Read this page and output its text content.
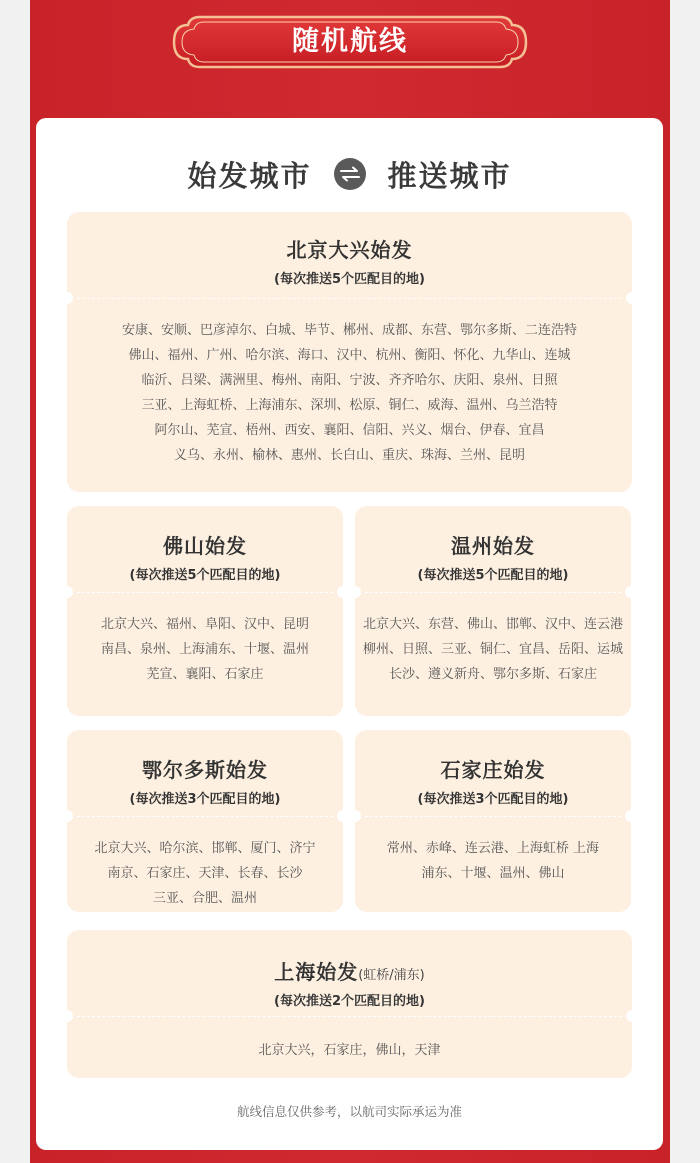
随机航线
始发城市	推送城市
北京大兴始发
(每次推送5个匹配目的地)
安康、安顺、巴彦淖尔、白城、毕节、郴州、成都、东营、鄂尔多斯、二连浩特
佛山、福州、广州、哈尔滨、海口、汉中、杭州、衡阳、怀化、九华山、连城
临沂、吕梁、满洲里、梅州、南阳、宁波、齐齐哈尔、庆阳、泉州、日照
三亚、上海虹桥、上海浦东、深圳、松原、铜仁、威海、温州、乌兰浩特
阿尔山、芜宣、梧州、西安、襄阳、信阳、兴义、烟台、伊春、宜昌
义乌、永州、榆林、惠州、长白山、重庆、珠海、兰州、昆明
佛山始发
(每次推送5个匹配目的地)
北京大兴、福州、阜阳、汉中、昆明
南昌、泉州、上海浦东、十堰、温州
芜宣、襄阳、石家庄
温州始发
(每次推送5个匹配目的地)
北京大兴、东营、佛山、邯郸、汉中、连云港
柳州、日照、三亚、铜仁、宜昌、岳阳、运城
长沙、遵义新舟、鄂尔多斯、石家庄
鄂尔多斯始发
(每次推送3个匹配目的地)
北京大兴、哈尔滨、邯郸、厦门、济宁
南京、石家庄、天津、长春、长沙
三亚、合肥、温州
石家庄始发
(每次推送3个匹配目的地)
常州、赤峰、连云港、上海虹桥 上海
浦东、十堰、温州、佛山
上海始发(虹桥/浦东)
(每次推送2个匹配目的地)
北京大兴，石家庄，佛山，天津
航线信息仅供参考，以航司实际承运为准
